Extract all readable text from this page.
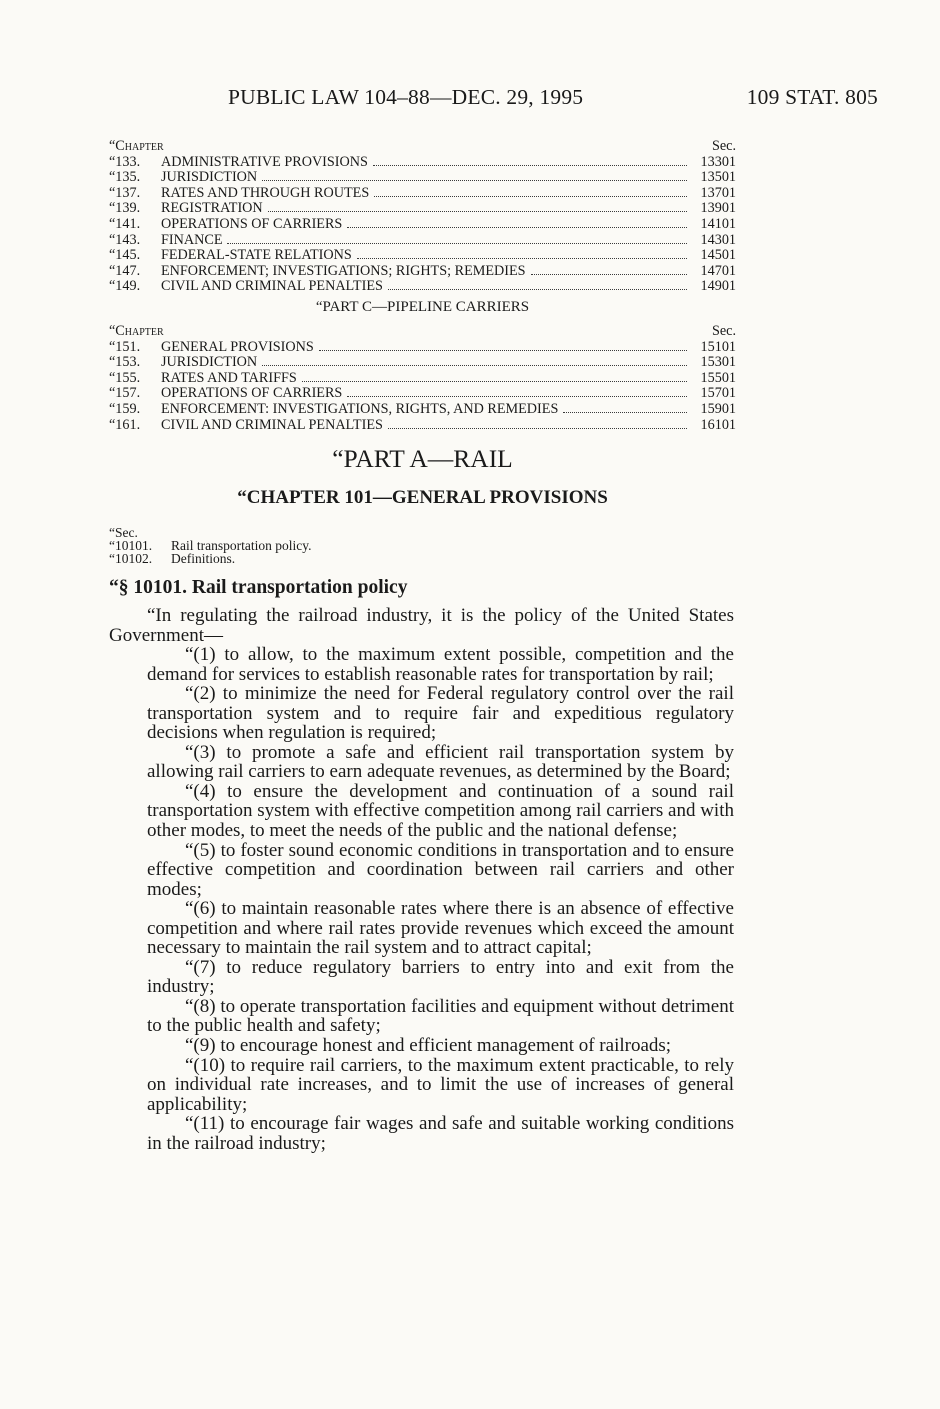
PUBLIC LAW 104–88—DEC. 29, 1995	109 STAT. 805
“Chapter	Sec.
“133.	ADMINISTRATIVE PROVISIONS	13301
“135.	JURISDICTION	13501
“137.	RATES AND THROUGH ROUTES	13701
“139.	REGISTRATION	13901
“141.	OPERATIONS OF CARRIERS	14101
“143.	FINANCE	14301
“145.	FEDERAL-STATE RELATIONS	14501
“147.	ENFORCEMENT; INVESTIGATIONS; RIGHTS; REMEDIES	14701
“149.	CIVIL AND CRIMINAL PENALTIES	14901
“PART C—PIPELINE CARRIERS
“Chapter	Sec.
“151.	GENERAL PROVISIONS	15101
“153.	JURISDICTION	15301
“155.	RATES AND TARIFFS	15501
“157.	OPERATIONS OF CARRIERS	15701
“159.	ENFORCEMENT: INVESTIGATIONS, RIGHTS, AND REMEDIES	15901
“161.	CIVIL AND CRIMINAL PENALTIES	16101
“PART A—RAIL
“CHAPTER 101—GENERAL PROVISIONS
“Sec.
“10101. Rail transportation policy.
“10102. Definitions.
“§ 10101. Rail transportation policy

“In regulating the railroad industry, it is the policy of the United States Government—

“(1) to allow, to the maximum extent possible, competition and the demand for services to establish reasonable rates for transportation by rail;

“(2) to minimize the need for Federal regulatory control over the rail transportation system and to require fair and expeditious regulatory decisions when regulation is required;

“(3) to promote a safe and efficient rail transportation system by allowing rail carriers to earn adequate revenues, as determined by the Board;

“(4) to ensure the development and continuation of a sound rail transportation system with effective competition among rail carriers and with other modes, to meet the needs of the public and the national defense;

“(5) to foster sound economic conditions in transportation and to ensure effective competition and coordination between rail carriers and other modes;

“(6) to maintain reasonable rates where there is an absence of effective competition and where rail rates provide revenues which exceed the amount necessary to maintain the rail system and to attract capital;

“(7) to reduce regulatory barriers to entry into and exit from the industry;

“(8) to operate transportation facilities and equipment without detriment to the public health and safety;

“(9) to encourage honest and efficient management of railroads;

“(10) to require rail carriers, to the maximum extent practicable, to rely on individual rate increases, and to limit the use of increases of general applicability;

“(11) to encourage fair wages and safe and suitable working conditions in the railroad industry;
